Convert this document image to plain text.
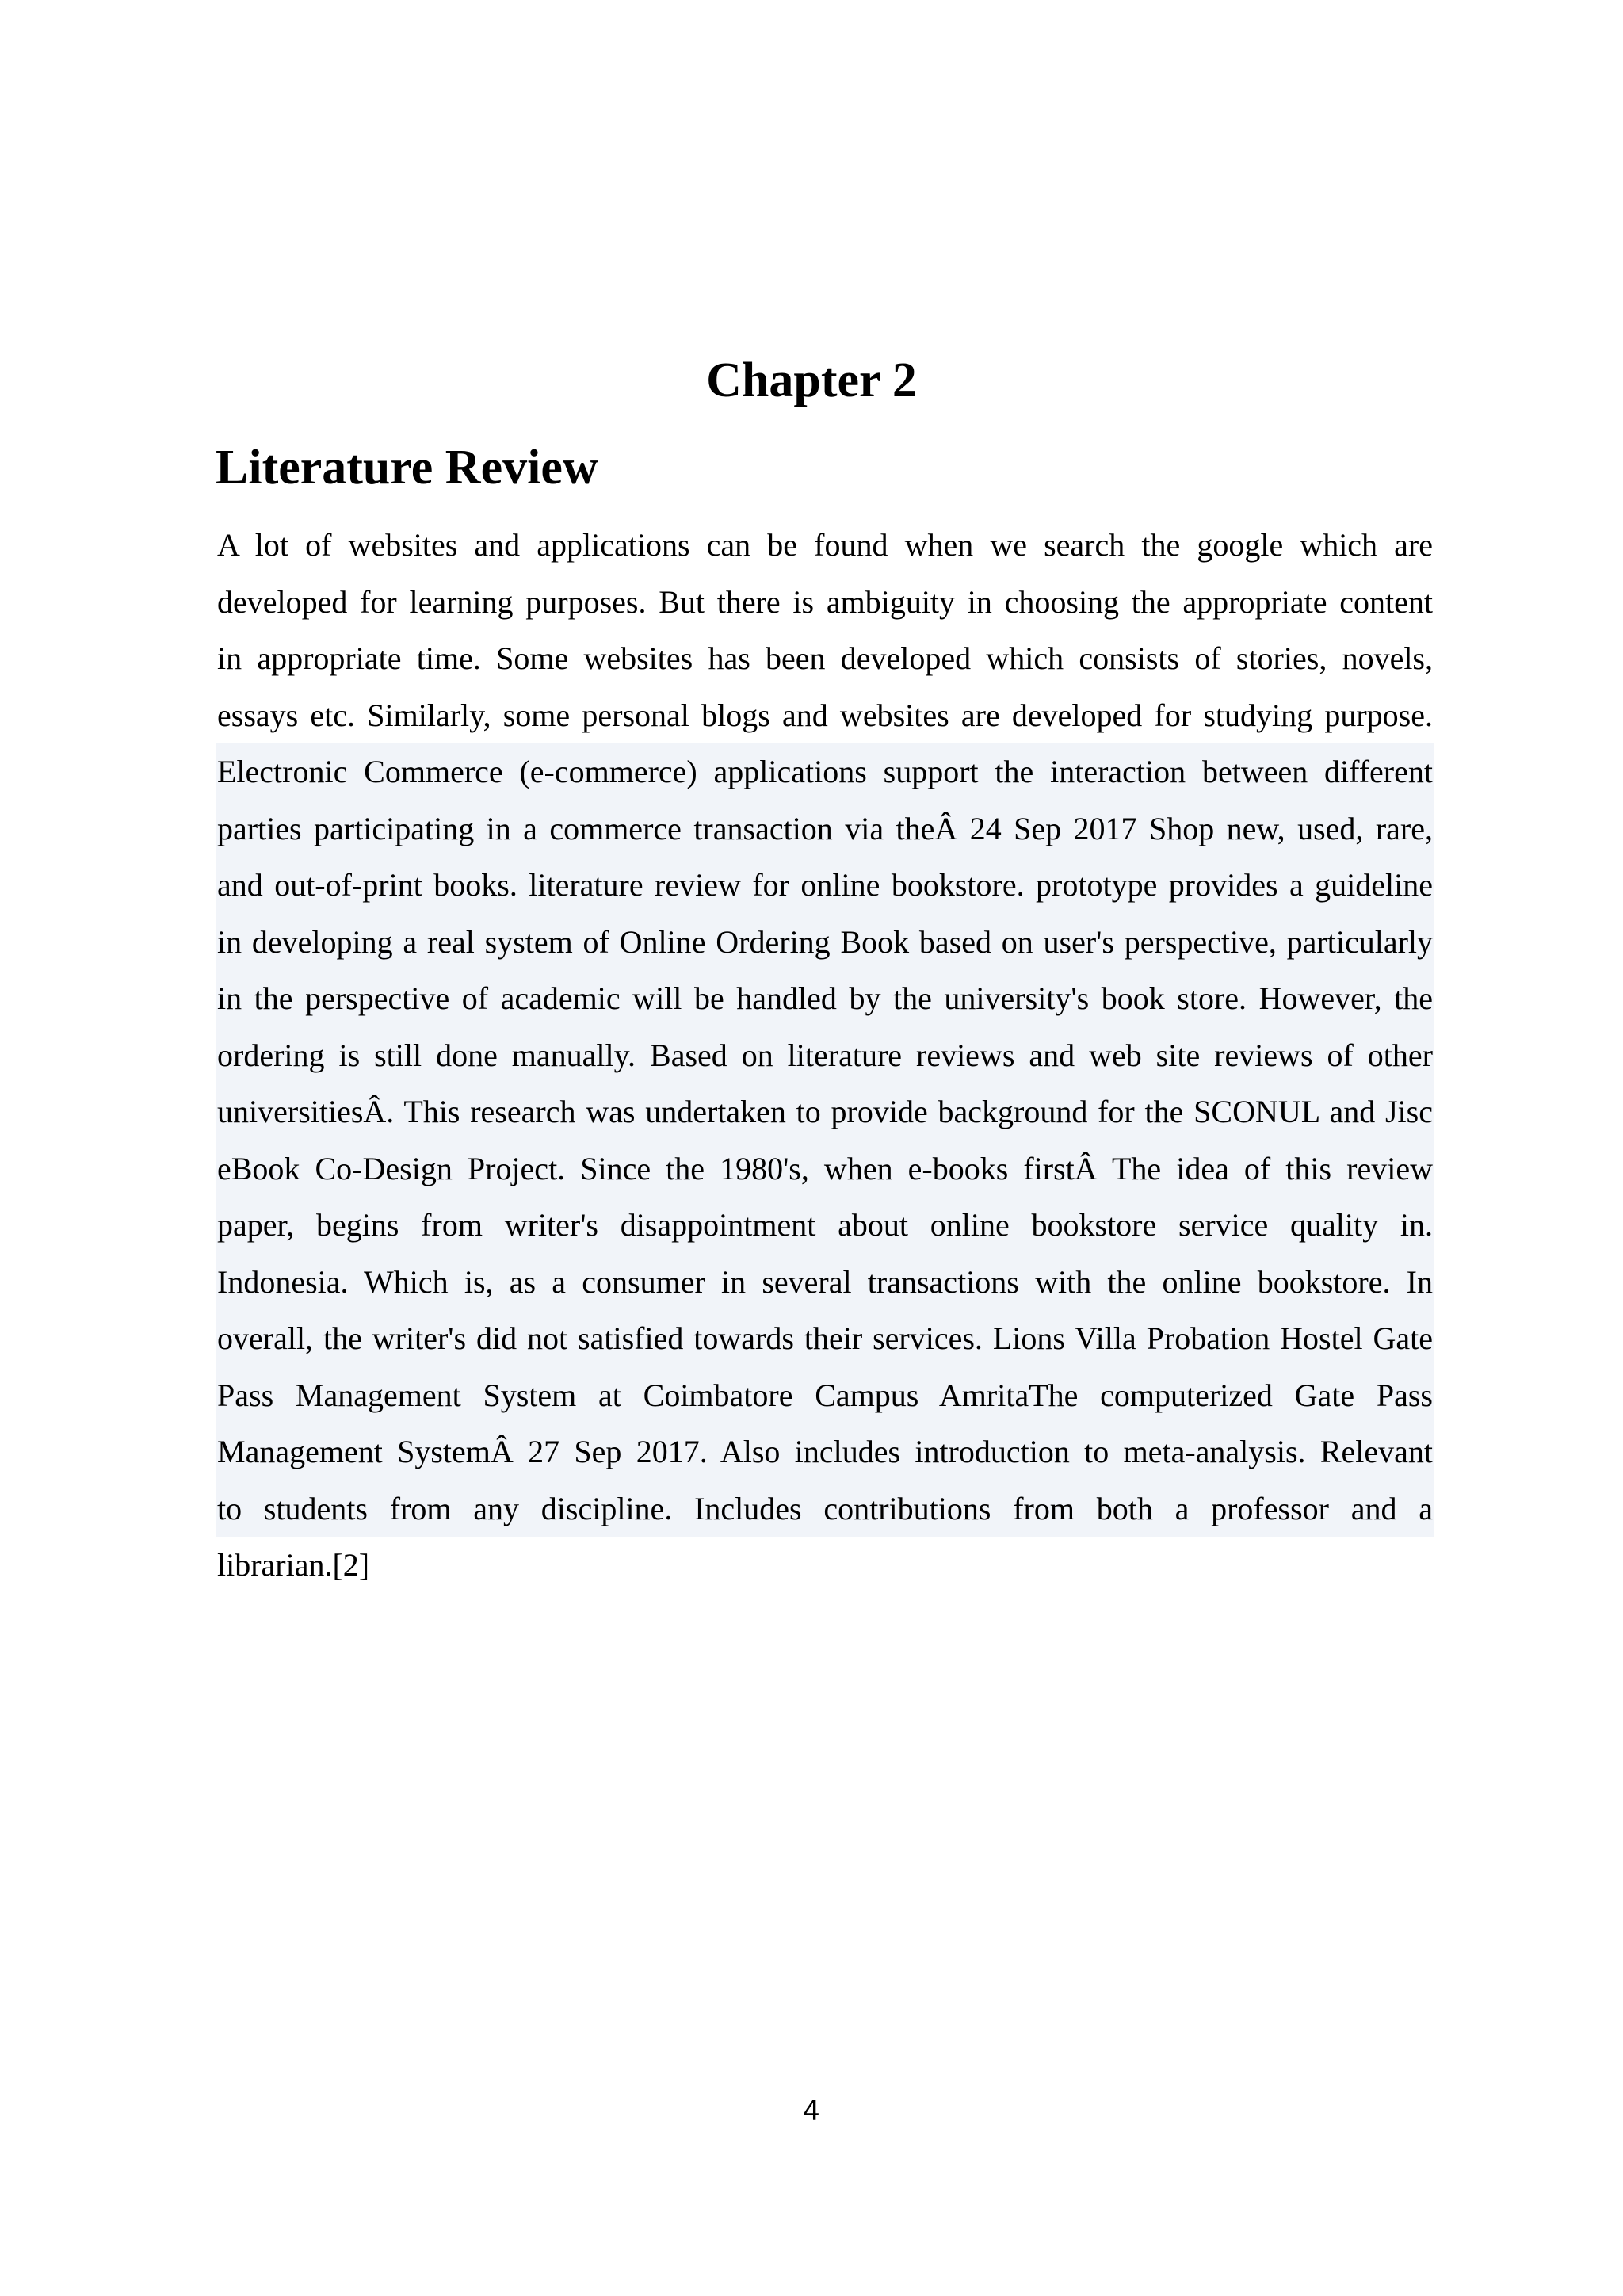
Chapter 2
Literature Review
A lot of websites and applications can be found when we search the google which are
developed for learning purposes. But there is ambiguity in choosing the appropriate content
in appropriate time. Some websites has been developed which consists of stories, novels,
essays etc. Similarly, some personal blogs and websites are developed for studying purpose.
Electronic Commerce (e-commerce) applications support the interaction between different
parties participating in a commerce transaction via theÂ 24 Sep 2017 Shop new, used, rare,
and out-of-print books. literature review for online bookstore. prototype provides a guideline
in developing a real system of Online Ordering Book based on user's perspective, particularly
in the perspective of academic will be handled by the university's book store. However, the
ordering is still done manually. Based on literature reviews and web site reviews of other
universitiesÂ. This research was undertaken to provide background for the SCONUL and Jisc
eBook Co-Design Project. Since the 1980's, when e-books firstÂ The idea of this review
paper, begins from writer's disappointment about online bookstore service quality in.
Indonesia. Which is, as a consumer in several transactions with the online bookstore. In
overall, the writer's did not satisfied towards their services. Lions Villa Probation Hostel Gate
Pass Management System at Coimbatore Campus AmritaThe computerized Gate Pass
Management SystemÂ 27 Sep 2017. Also includes introduction to meta-analysis. Relevant
to students from any discipline. Includes contributions from both a professor and a
librarian.[2]
4
